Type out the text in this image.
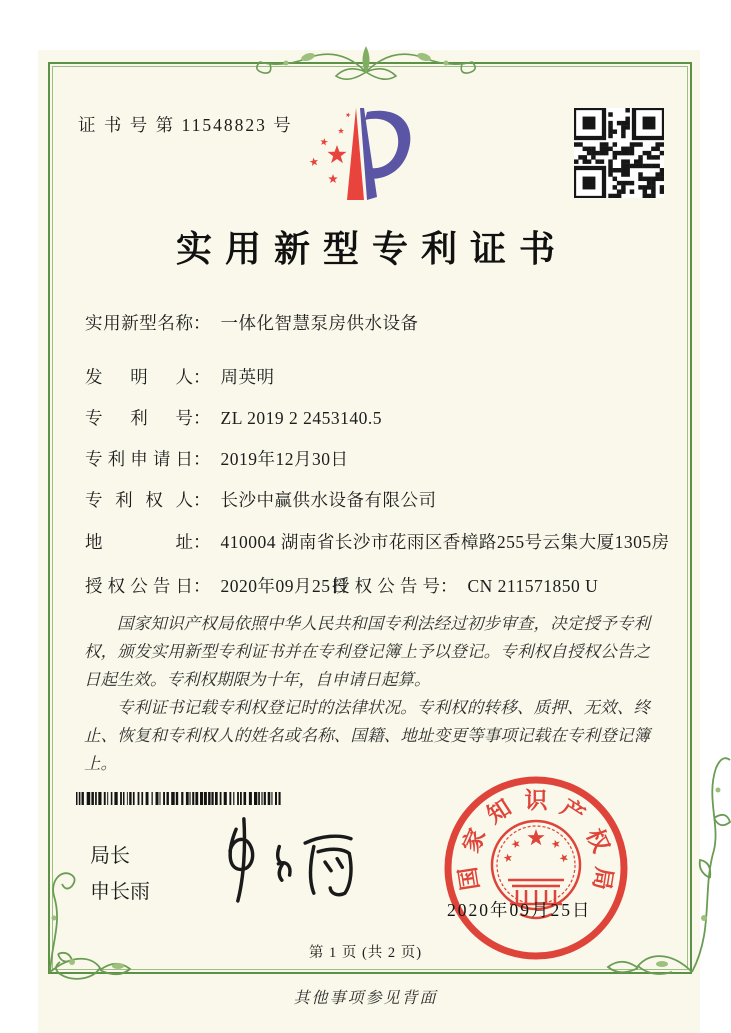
证 书 号 第 11548823 号
实用新型专利证书
实用新型名称： 一体化智慧泵房供水设备
发明人： 周英明
专利号： ZL 2019 2 2453140.5
专利申请日： 2019年12月30日
专利权人： 长沙中赢供水设备有限公司
地址： 410004 湖南省长沙市花雨区香樟路255号云集大厦1305房
授权公告日： 2020年09月25日
授权公告号： CN 211571850 U

国家知识产权局依照中华人民共和国专利法经过初步审查，决定授予专利权，颁发实用新型专利证书并在专利登记簿上予以登记。专利权自授权公告之日起生效。专利权期限为十年，自申请日起算。

专利证书记载专利权登记时的法律状况。专利权的转移、质押、无效、终止、恢复和专利权人的姓名或名称、国籍、地址变更等事项记载在专利登记簿上。

局长
申长雨
国
家
知 识 产
权
局
2020年09月25日
第 1 页 (共 2 页)
其他事项参见背面
